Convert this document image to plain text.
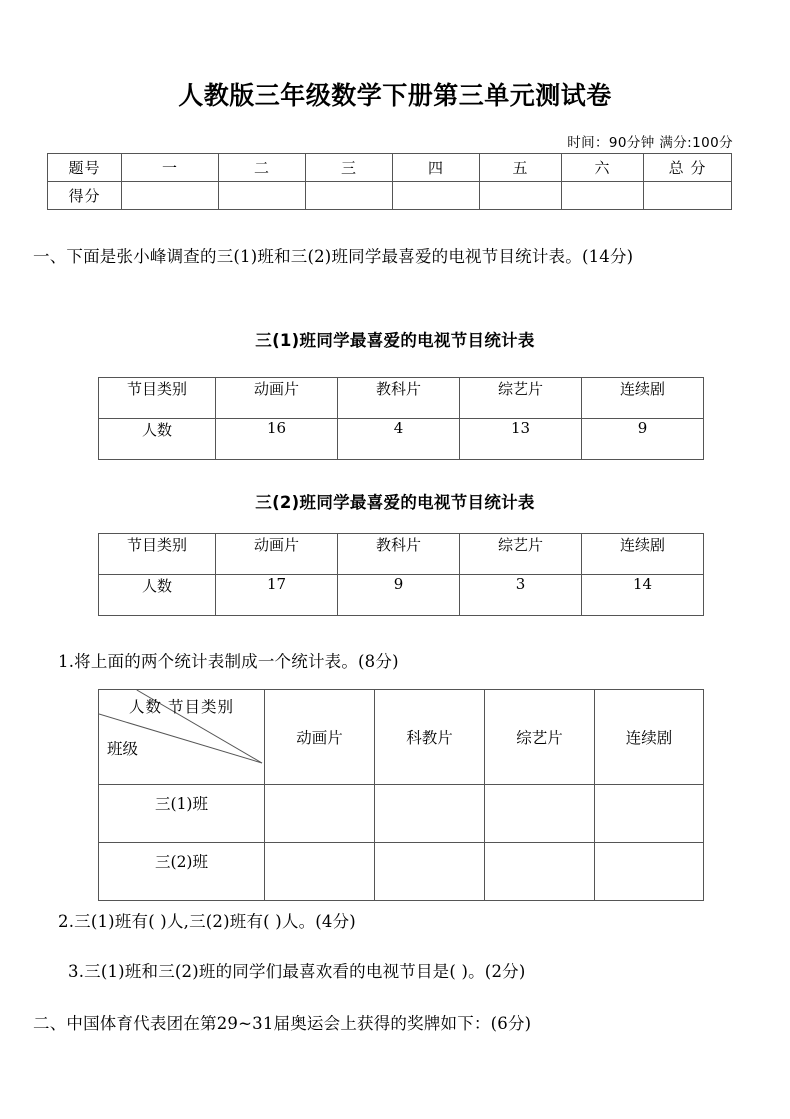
人教版三年级数学下册第三单元测试卷
时间：90分钟 满分:100分
题号	一	二	三	四	五	六	总 分
得分							
一、下面是张小峰调查的三(1)班和三(2)班同学最喜爱的电视节目统计表。(14分)
三(1)班同学最喜爱的电视节目统计表
节目类别	动画片	教科片	综艺片	连续剧
人数	16	4	13	9
三(2)班同学最喜爱的电视节目统计表
节目类别	动画片	教科片	综艺片	连续剧
人数	17	9	3	14
1.将上面的两个统计表制成一个统计表。(8分)
人数 节目类别
班级	动画片	科教片	综艺片	连续剧
三(1)班				
三(2)班				
2.三(1)班有( )人,三(2)班有( )人。(4分)
3.三(1)班和三(2)班的同学们最喜欢看的电视节目是( )。(2分)
二、中国体育代表团在第29~31届奥运会上获得的奖牌如下：(6分)
